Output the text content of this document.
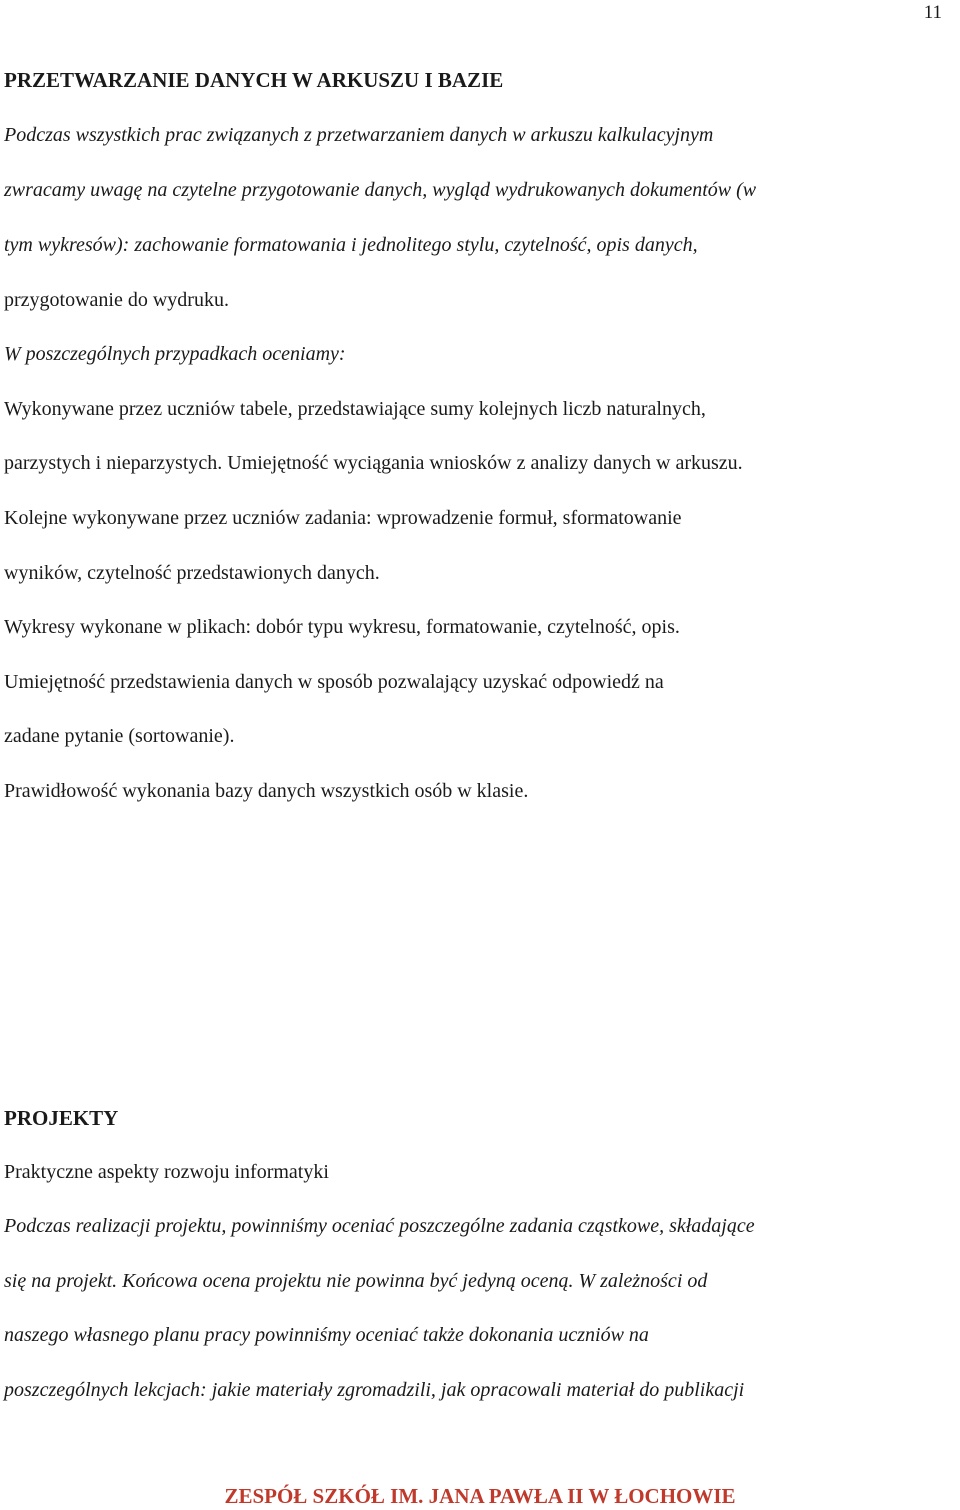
11
PRZETWARZANIE DANYCH W ARKUSZU I BAZIE
Podczas wszystkich prac związanych z przetwarzaniem danych w arkuszu kalkulacyjnym
zwracamy uwagę na czytelne przygotowanie danych, wygląd wydrukowanych dokumentów (w
tym wykresów): zachowanie formatowania i jednolitego stylu, czytelność, opis danych,
przygotowanie do wydruku.
W poszczególnych przypadkach oceniamy:
Wykonywane przez uczniów tabele, przedstawiające sumy kolejnych liczb naturalnych,
parzystych i nieparzystych. Umiejętność wyciągania wniosków z analizy danych w arkuszu.
Kolejne wykonywane przez uczniów zadania: wprowadzenie formuł, sformatowanie
wyników, czytelność przedstawionych danych.
Wykresy wykonane w plikach: dobór typu wykresu, formatowanie, czytelność, opis.
Umiejętność przedstawienia danych w sposób pozwalający uzyskać odpowiedź na
zadane pytanie (sortowanie).
Prawidłowość wykonania bazy danych wszystkich osób w klasie.
PROJEKTY
Praktyczne aspekty rozwoju informatyki
Podczas realizacji projektu, powinniśmy oceniać poszczególne zadania cząstkowe, składające
się na projekt. Końcowa ocena projektu nie powinna być jedyną oceną. W zależności od
naszego własnego planu pracy powinniśmy oceniać także dokonania uczniów na
poszczególnych lekcjach: jakie materiały zgromadzili, jak opracowali materiał do publikacji
ZESPÓŁ SZKÓŁ IM. JANA PAWŁA II W ŁOCHOWIE
